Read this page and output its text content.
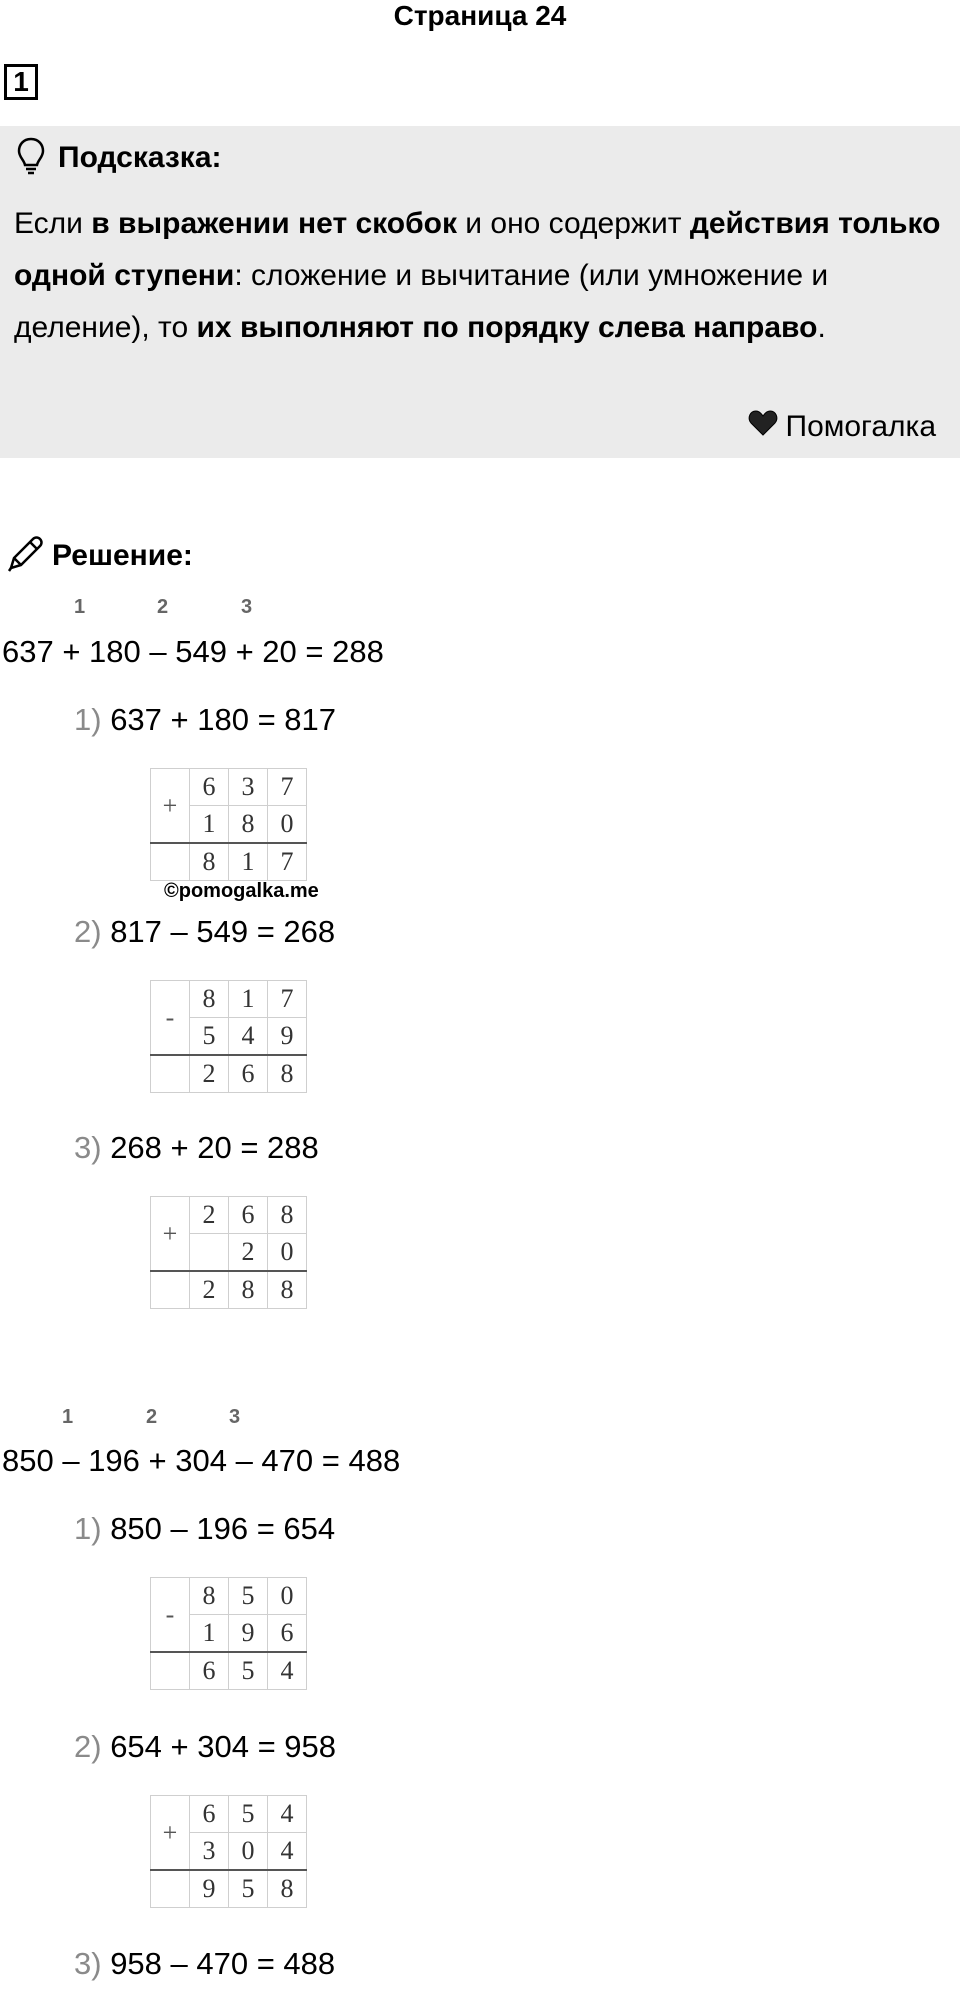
Страница 24
1
Подсказка:
Если в выражении нет скобок и оно содержит действия только одной ступени: сложение и вычитание (или умножение и деление), то их выполняют по порядку слева направо.
Помогалка
Решение:
1	2	3
637 + 180 – 549 + 20 = 288
1) 637 + 180 = 817
+	6	3	7
	1	8	0
	8	1	7
©pomogalka.me
2) 817 – 549 = 268
-	8	1	7
	5	4	9
	2	6	8
3) 268 + 20 = 288
+	2	6	8
		2	0
	2	8	8
1	2	3
850 – 196 + 304 – 470 = 488
1) 850 – 196 = 654
-	8	5	0
	1	9	6
	6	5	4
2) 654 + 304 = 958
+	6	5	4
	3	0	4
	9	5	8
3) 958 – 470 = 488
